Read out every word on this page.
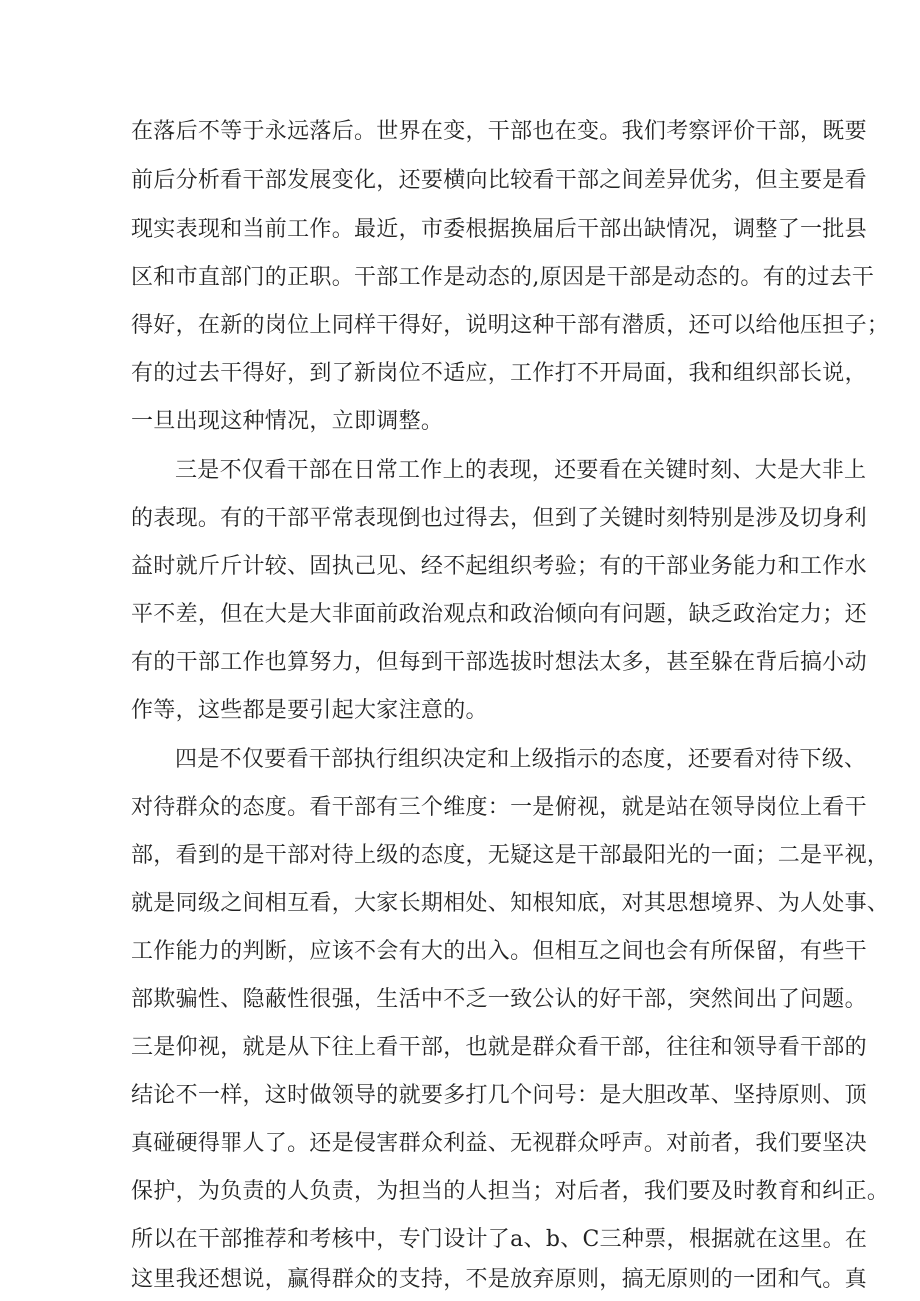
在落后不等于永远落后。世界在变，干部也在变。我们考察评价干部，既要
前后分析看干部发展变化，还要横向比较看干部之间差异优劣，但主要是看
现实表现和当前工作。最近，市委根据换届后干部出缺情况，调整了一批县
区和市直部门的正职。干部工作是动态的,原因是干部是动态的。有的过去干
得好，在新的岗位上同样干得好，说明这种干部有潜质，还可以给他压担子；
有的过去干得好，到了新岗位不适应，工作打不开局面，我和组织部长说，
一旦出现这种情况，立即调整。
三是不仅看干部在日常工作上的表现，还要看在关键时刻、大是大非上
的表现。有的干部平常表现倒也过得去，但到了关键时刻特别是涉及切身利
益时就斤斤计较、固执己见、经不起组织考验；有的干部业务能力和工作水
平不差，但在大是大非面前政治观点和政治倾向有问题，缺乏政治定力；还
有的干部工作也算努力，但每到干部选拔时想法太多，甚至躲在背后搞小动
作等，这些都是要引起大家注意的。
四是不仅要看干部执行组织决定和上级指示的态度，还要看对待下级、
对待群众的态度。看干部有三个维度：一是俯视，就是站在领导岗位上看干
部，看到的是干部对待上级的态度，无疑这是干部最阳光的一面；二是平视，
就是同级之间相互看，大家长期相处、知根知底，对其思想境界、为人处事、
工作能力的判断，应该不会有大的出入。但相互之间也会有所保留，有些干
部欺骗性、隐蔽性很强，生活中不乏一致公认的好干部，突然间出了问题。
三是仰视，就是从下往上看干部，也就是群众看干部，往往和领导看干部的
结论不一样，这时做领导的就要多打几个问号：是大胆改革、坚持原则、顶
真碰硬得罪人了。还是侵害群众利益、无视群众呼声。对前者，我们要坚决
保护，为负责的人负责，为担当的人担当；对后者，我们要及时教育和纠正。
所以在干部推荐和考核中，专门设计了a、b、C三种票，根据就在这里。在
这里我还想说，赢得群众的支持，不是放弃原则，搞无原则的一团和气。真
